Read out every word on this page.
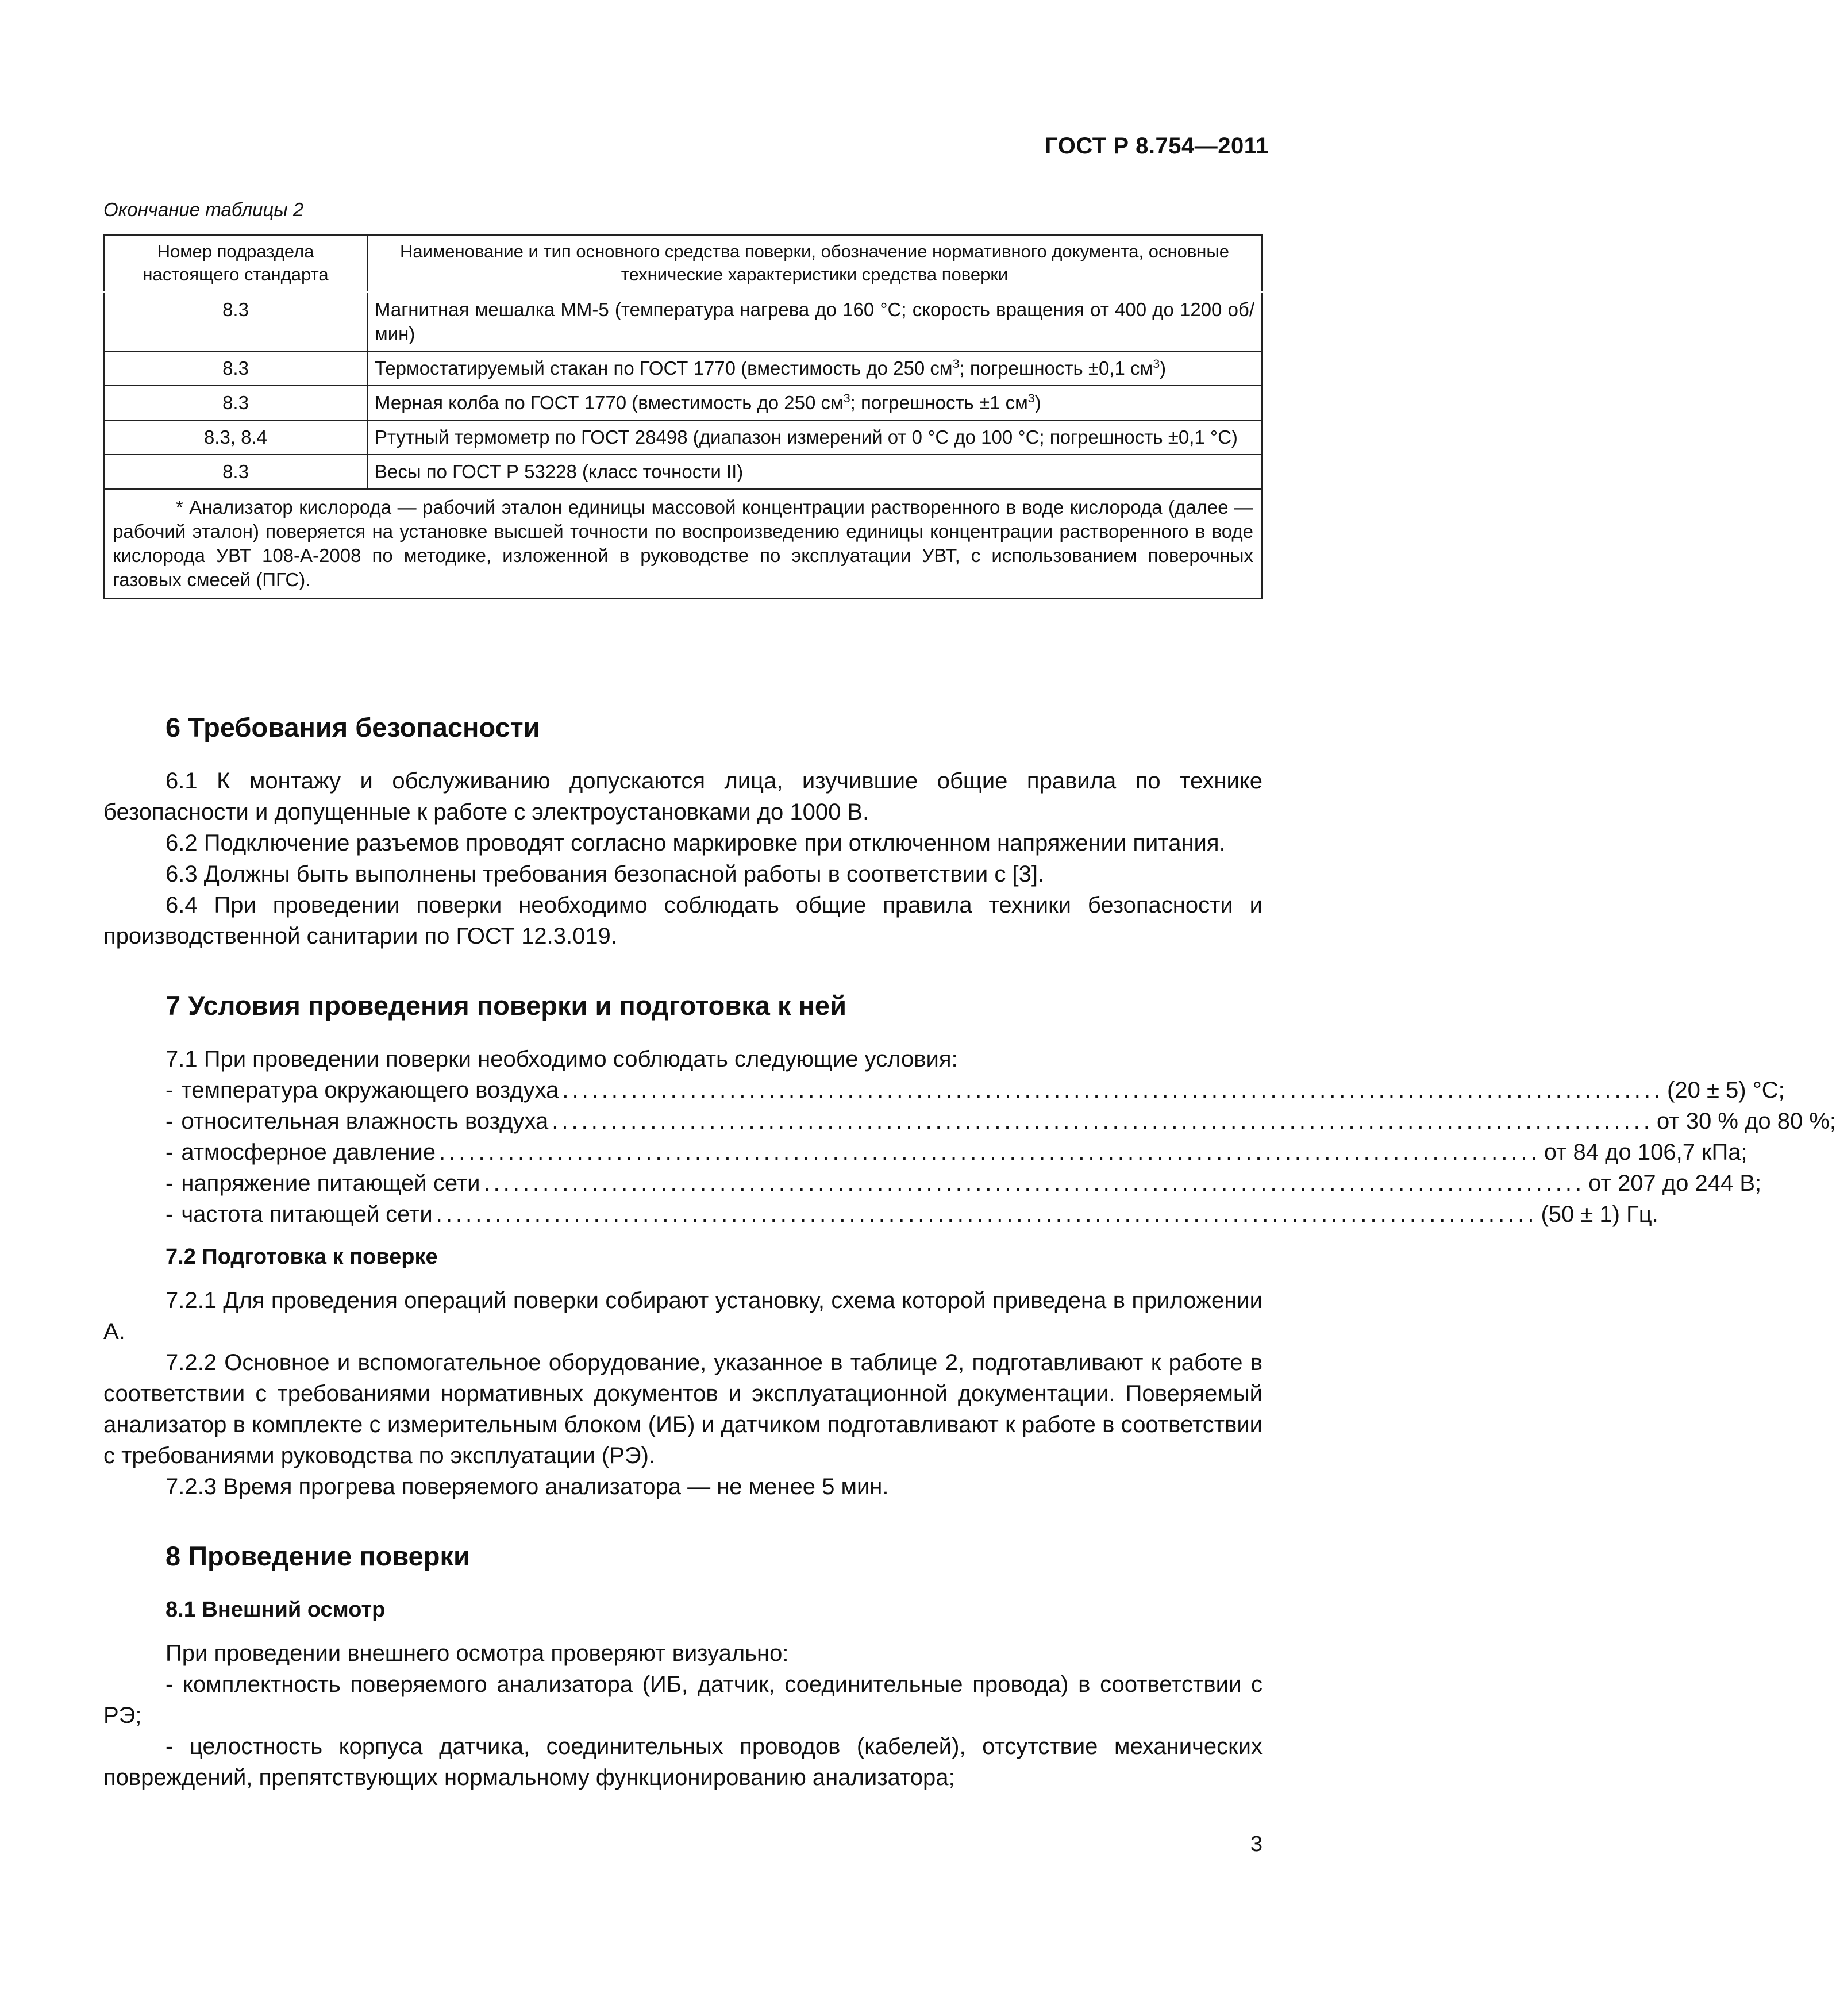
ГОСТ Р 8.754—2011
Окончание таблицы 2
Номер подраздела настоящего стандарта	Наименование и тип основного средства поверки, обозначение нормативного документа, основные технические характеристики средства поверки
8.3	Магнитная мешалка ММ-5 (температура нагрева до 160 °С; скорость вращения от 400 до 1200 об/мин)
8.3	Термостатируемый стакан по ГОСТ 1770 (вместимость до 250 $см^3$; погрешность ±0,1 $см^3$)
8.3	Мерная колба по ГОСТ 1770 (вместимость до 250 $см^3$; погрешность ±1 $см^3$)
8.3, 8.4	Ртутный термометр по ГОСТ 28498 (диапазон измерений от 0 °С до 100 °С; погрешность ±0,1 °С)
8.3	Весы по ГОСТ Р 53228 (класс точности II)

* Анализатор кислорода — рабочий эталон единицы массовой концентрации растворенного в воде кислорода (далее — рабочий эталон) поверяется на установке высшей точности по воспроизведению единицы концентрации растворенного в воде кислорода УВТ 108-А-2008 по методике, изложенной в руководстве по эксплуатации УВТ, с использованием поверочных газовых смесей (ПГС).	
6 Требования безопасности

6.1 К монтажу и обслуживанию допускаются лица, изучившие общие правила по технике безопасности и допущенные к работе с электроустановками до 1000 В.

6.2 Подключение разъемов проводят согласно маркировке при отключенном напряжении питания.

6.3 Должны быть выполнены требования безопасной работы в соответствии с [3].

6.4 При проведении поверки необходимо соблюдать общие правила техники безопасности и производственной санитарии по ГОСТ 12.3.019.

7 Условия проведения поверки и подготовка к ней

7.1 При проведении поверки необходимо соблюдать следующие условия:

- температура окружающего воздуха ................................................................................................................ (20 ± 5) °С;
- относительная влажность воздуха ................................................................................................................ от 30 % до 80 %;
- атмосферное давление ................................................................................................................ от 84 до 106,7 кПа;
- напряжение питающей сети ................................................................................................................ от 207 до 244 В;
- частота питающей сети ................................................................................................................ (50 ± 1) Гц.
7.2 Подготовка к поверке

7.2.1 Для проведения операций поверки собирают установку, схема которой приведена в приложении А.

7.2.2 Основное и вспомогательное оборудование, указанное в таблице 2, подготавливают к работе в соответствии с требованиями нормативных документов и эксплуатационной документации. Поверяемый анализатор в комплекте с измерительным блоком (ИБ) и датчиком подготавливают к работе в соответствии с требованиями руководства по эксплуатации (РЭ).

7.2.3 Время прогрева поверяемого анализатора — не менее 5 мин.

8 Проведение поверки
8.1 Внешний осмотр

При проведении внешнего осмотра проверяют визуально:

- комплектность поверяемого анализатора (ИБ, датчик, соединительные провода) в соответствии с РЭ;

- целостность корпуса датчика, соединительных проводов (кабелей), отсутствие механических повреждений, препятствующих нормальному функционированию анализатора;

3
